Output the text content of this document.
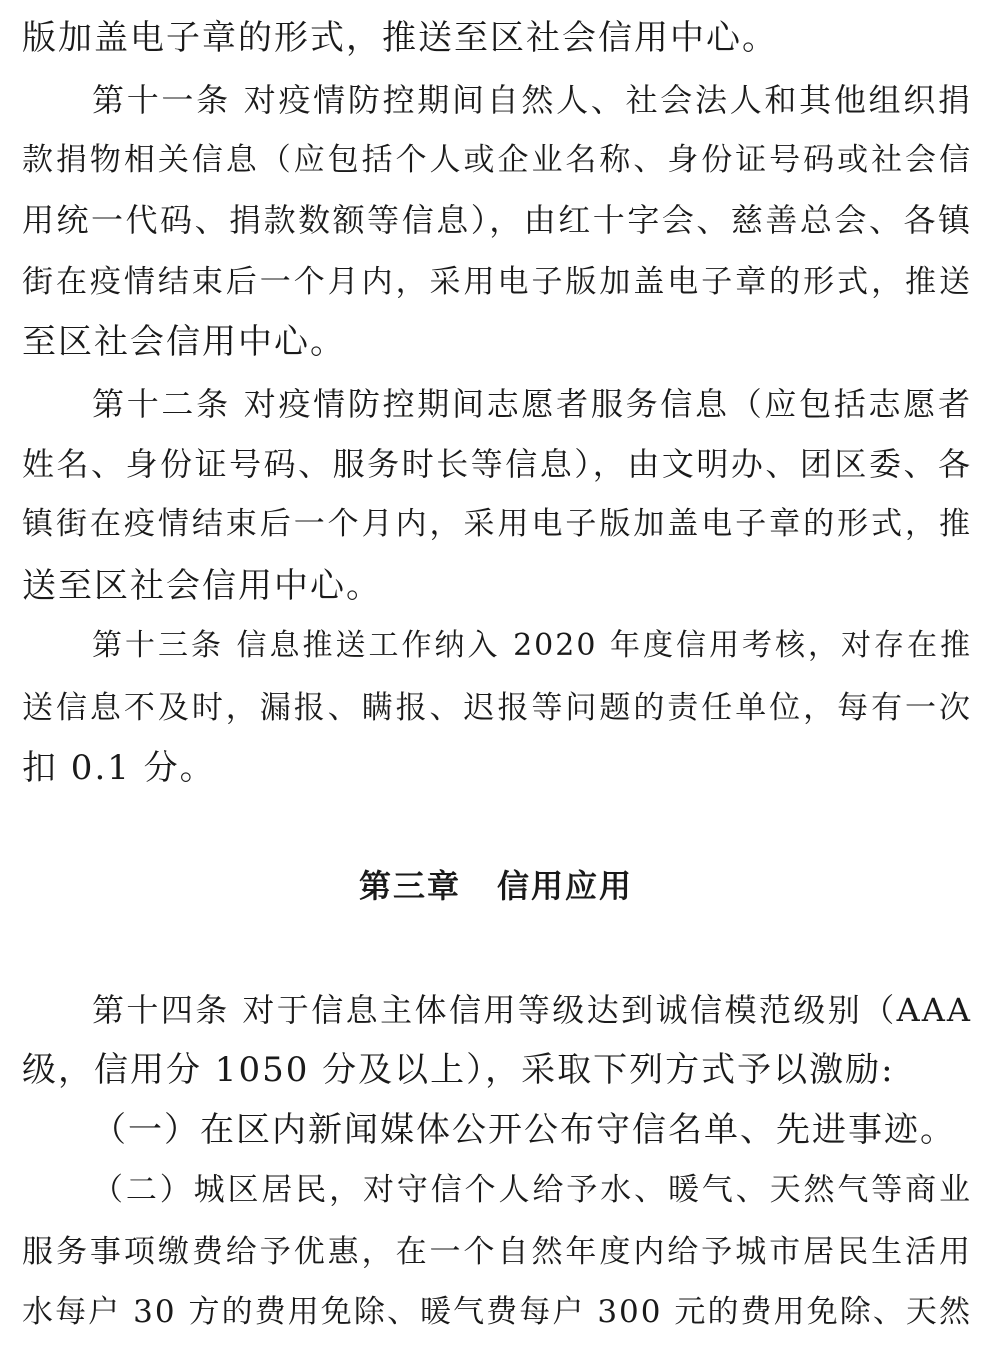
版加盖电子章的形式，推送至区社会信用中心。
第十一条 对疫情防控期间自然人、社会法人和其他组织捐
款捐物相关信息（应包括个人或企业名称、身份证号码或社会信
用统一代码、捐款数额等信息），由红十字会、慈善总会、各镇
街在疫情结束后一个月内，采用电子版加盖电子章的形式，推送
至区社会信用中心。
第十二条 对疫情防控期间志愿者服务信息（应包括志愿者
姓名、身份证号码、服务时长等信息），由文明办、团区委、各
镇街在疫情结束后一个月内，采用电子版加盖电子章的形式，推
送至区社会信用中心。
第十三条 信息推送工作纳入 2020 年度信用考核，对存在推
送信息不及时，漏报、瞒报、迟报等问题的责任单位，每有一次
扣 0.1 分。
第三章 信用应用
第十四条 对于信息主体信用等级达到诚信模范级别（AAA
级，信用分 1050 分及以上），采取下列方式予以激励:
（一）在区内新闻媒体公开公布守信名单、先进事迹。
（二）城区居民，对守信个人给予水、暖气、天然气等商业
服务事项缴费给予优惠，在一个自然年度内给予城市居民生活用
水每户 30 方的费用免除、暖气费每户 300 元的费用免除、天然
